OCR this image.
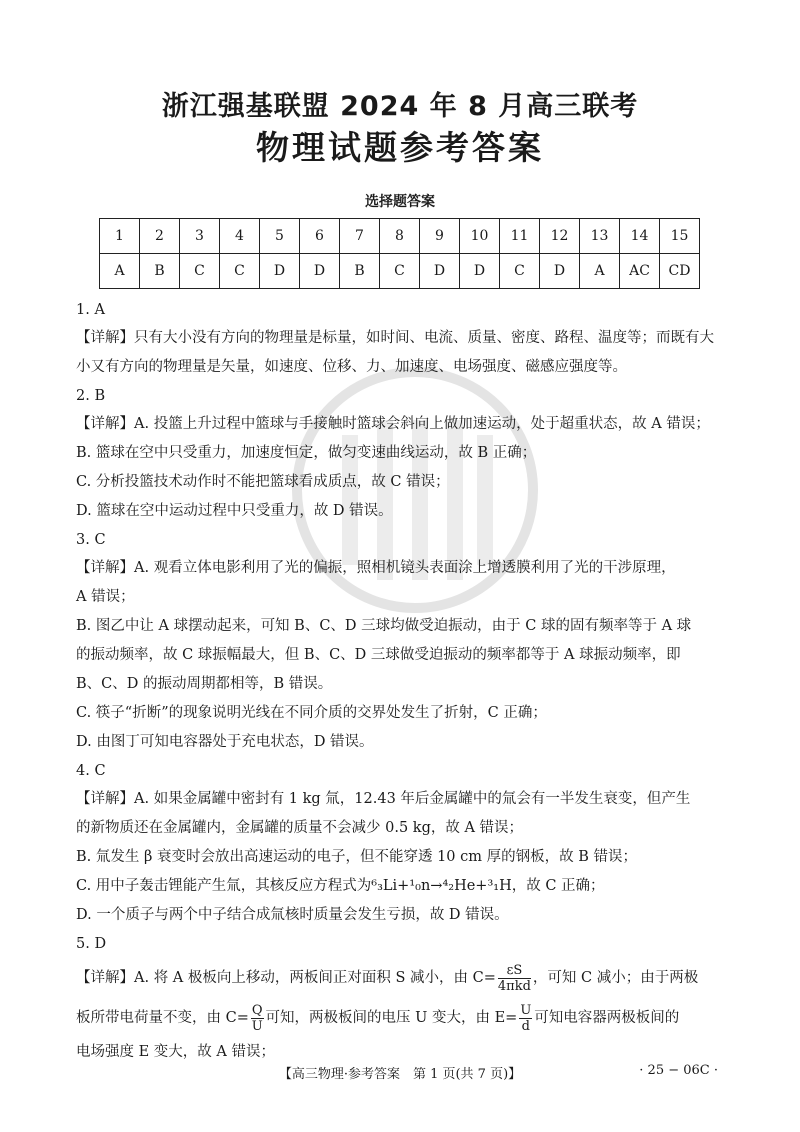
浙江强基联盟 2024 年 8 月高三联考
物理试题参考答案
选择题答案
1	2	3	4	5	6	7	8	9	10	11	12	13	14	15
A	B	C	C	D	D	B	C	D	D	C	D	A	AC	CD
1. A
【详解】只有大小没有方向的物理量是标量，如时间、电流、质量、密度、路程、温度等；而既有大
小又有方向的物理量是矢量，如速度、位移、力、加速度、电场强度、磁感应强度等。
2. B
【详解】A. 投篮上升过程中篮球与手接触时篮球会斜向上做加速运动，处于超重状态，故 A 错误；
B. 篮球在空中只受重力，加速度恒定，做匀变速曲线运动，故 B 正确；
C. 分析投篮技术动作时不能把篮球看成质点，故 C 错误；
D. 篮球在空中运动过程中只受重力，故 D 错误。
3. C
【详解】A. 观看立体电影利用了光的偏振，照相机镜头表面涂上增透膜利用了光的干涉原理，
A 错误；
B. 图乙中让 A 球摆动起来，可知 B、C、D 三球均做受迫振动，由于 C 球的固有频率等于 A 球
的振动频率，故 C 球振幅最大，但 B、C、D 三球做受迫振动的频率都等于 A 球振动频率，即
B、C、D 的振动周期都相等，B 错误。
C. 筷子“折断”的现象说明光线在不同介质的交界处发生了折射，C 正确；
D. 由图丁可知电容器处于充电状态，D 错误。
4. C
【详解】A. 如果金属罐中密封有 1 kg 氚，12.43 年后金属罐中的氚会有一半发生衰变，但产生
的新物质还在金属罐内，金属罐的质量不会减少 0.5 kg，故 A 错误；
B. 氚发生 β 衰变时会放出高速运动的电子，但不能穿透 10 cm 厚的钢板，故 B 错误；
C. 用中子轰击锂能产生氚，其核反应方程式为⁶₃Li+¹₀n→⁴₂He+³₁H，故 C 正确；
D. 一个质子与两个中子结合成氚核时质量会发生亏损，故 D 错误。
5. D
【详解】A. 将 A 极板向上移动，两板间正对面积 S 减小，由 $C= \frac{\varepsilon S}{\text{4πkd}}$ ，可知 C 减小；由于两极
板所带电荷量不变，由 $C= \frac{Q}{U}$ 可知，两极板间的电压 U 变大，由 $E= \frac{U}{d}$ 可知电容器两极板间的
电场强度 E 变大，故 A 错误；
【高三物理·参考答案　第 1 页(共 7 页)】	· 25 − 06C ·
